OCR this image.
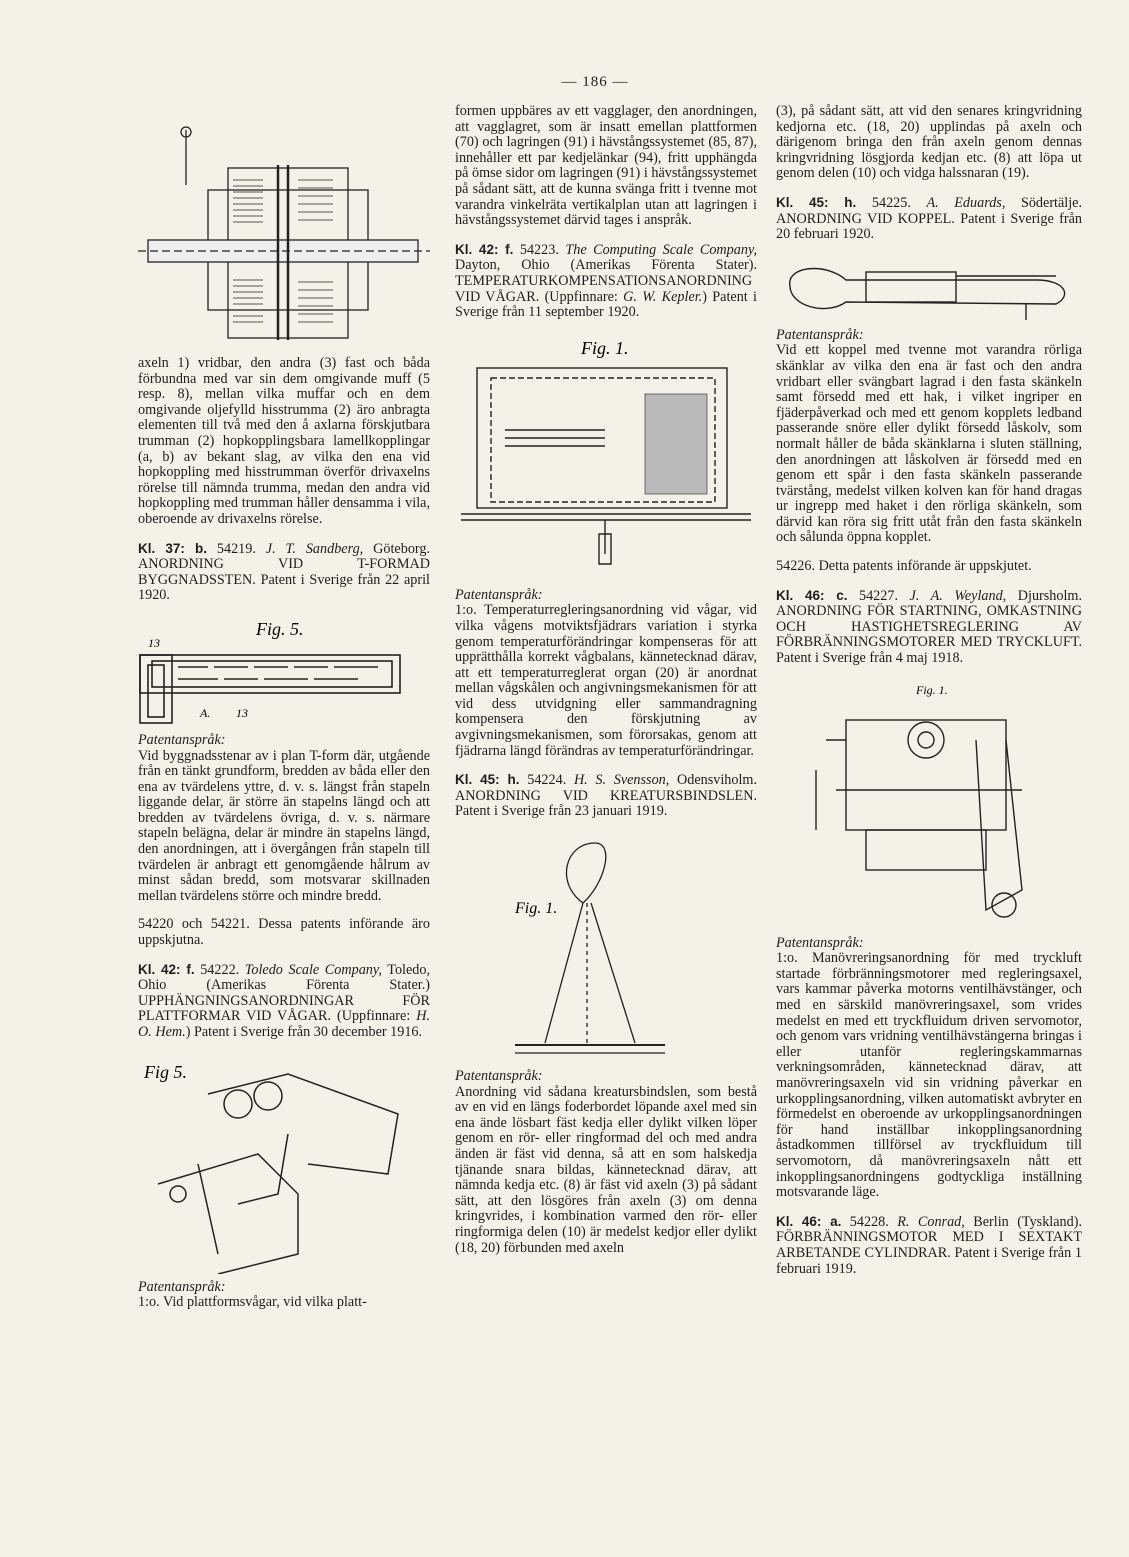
— 186 —

axeln 1) vridbar, den andra (3) fast och båda förbundna med var sin dem omgivande muff (5 resp. 8), mellan vilka muffar och en dem omgivande oljefylld hisstrumma (2) äro anbragta elementen till två med den å axlarna förskjutbara trumman (2) hopkopplingsbara lamellkopplingar (a, b) av bekant slag, av vilka den ena vid hopkoppling med hisstrumman överför drivaxelns rörelse till nämnda trumma, medan den andra vid hopkoppling med trumman håller densamma i vila, oberoende av drivaxelns rörelse.

Kl. 37: b. 54219. J. T. Sandberg, Göteborg. ANORDNING VID T-FORMAD BYGGNADSSTEN. Patent i Sverige från 22 april 1920.

Fig. 5.
13
A. 13
Patentanspråk:

Vid byggnadsstenar av i plan T-form där, utgående från en tänkt grundform, bredden av båda eller den ena av tvärdelens yttre, d. v. s. längst från stapeln liggande delar, är större än stapelns längd och att bredden av tvärdelens övriga, d. v. s. närmare stapeln belägna, delar är mindre än stapelns längd, den anordningen, att i övergången från stapeln till tvärdelen är anbragt ett genomgående hålrum av minst sådan bredd, som motsvarar skillnaden mellan tvärdelens större och mindre bredd.

54220 och 54221. Dessa patents införande äro uppskjutna.

Kl. 42: f. 54222. Toledo Scale Company, Toledo, Ohio (Amerikas Förenta Stater.) UPPHÄNGNINGSANORDNINGAR FÖR PLATTFORMAR VID VÅGAR. (Uppfinnare: H. O. Hem.) Patent i Sverige från 30 december 1916.

Fig 5.
Patentanspråk:

1:o. Vid plattformsvågar, vid vilka platt-

formen uppbäres av ett vagglager, den anordningen, att vagglagret, som är insatt emellan plattformen (70) och lagringen (91) i hävstångssystemet (85, 87), innehåller ett par kedjelänkar (94), fritt upphängda på ömse sidor om lagringen (91) i hävstångssystemet på sådant sätt, att de kunna svänga fritt i tvenne mot varandra vinkelräta vertikalplan utan att lagringen i hävstångssystemet därvid tages i anspråk.

Kl. 42: f. 54223. The Computing Scale Company, Dayton, Ohio (Amerikas Förenta Stater). TEMPERATURKOMPENSATIONSANORDNING VID VÅGAR. (Uppfinnare: G. W. Kepler.) Patent i Sverige från 11 september 1920.

Fig. 1.
Patentanspråk:

1:o. Temperaturregleringsanordning vid vågar, vid vilka vågens motviktsfjädrars variation i styrka genom temperaturförändringar kompenseras för att upprätthålla korrekt vågbalans, kännetecknad därav, att ett temperaturreglerat organ (20) är anordnat mellan vågskålen och angivningsmekanismen för att vid dess utvidgning eller sammandragning kompensera den förskjutning av avgivningsmekanismen, som förorsakas, genom att fjädrarna längd förändras av temperaturförändringar.

Kl. 45: h. 54224. H. S. Svensson, Odensviholm. ANORDNING VID KREATURSBINDSLEN. Patent i Sverige från 23 januari 1919.

Fig. 1.
Patentanspråk:

Anordning vid sådana kreatursbindslen, som bestå av en vid en längs foderbordet löpande axel med sin ena ände lösbart fäst kedja eller dylikt vilken löper genom en rör- eller ringformad del och med andra änden är fäst vid denna, så att en som halskedja tjänande snara bildas, kännetecknad därav, att nämnda kedja etc. (8) är fäst vid axeln (3) på sådant sätt, att den lösgöres från axeln (3) om denna kringvrides, i kombination varmed den rör- eller ringformiga delen (10) är medelst kedjor eller dylikt (18, 20) förbunden med axeln

(3), på sådant sätt, att vid den senares kringvridning kedjorna etc. (18, 20) upplindas på axeln och därigenom bringa den från axeln genom dennas kringvridning lösgjorda kedjan etc. (8) att löpa ut genom delen (10) och vidga halssnaran (19).

Kl. 45: h. 54225. A. Eduards, Södertälje. ANORDNING VID KOPPEL. Patent i Sverige från 20 februari 1920.

Patentanspråk:

Vid ett koppel med tvenne mot varandra rörliga skänklar av vilka den ena är fast och den andra vridbart eller svängbart lagrad i den fasta skänkeln samt försedd med ett hak, i vilket ingriper en fjäderpåverkad och med ett genom kopplets ledband passerande snöre eller dylikt försedd låskolv, som normalt håller de båda skänklarna i sluten ställning, den anordningen att låskolven är försedd med en genom ett spår i den fasta skänkeln passerande tvärstång, medelst vilken kolven kan för hand dragas ur ingrepp med haket i den rörliga skänkeln, som därvid kan röra sig fritt utåt från den fasta skänkeln och sålunda öppna kopplet.

54226. Detta patents införande är uppskjutet.

Kl. 46: c. 54227. J. A. Weyland, Djursholm. ANORDNING FÖR STARTNING, OMKASTNING OCH HASTIGHETSREGLERING AV FÖRBRÄNNINGSMOTORER MED TRYCKLUFT. Patent i Sverige från 4 maj 1918.

Fig. 1.
Patentanspråk:

1:o. Manövreringsanordning för med tryckluft startade förbränningsmotorer med regleringsaxel, vars kammar påverka motorns ventilhävstänger, och med en särskild manövreringsaxel, som vrides medelst en med ett tryckfluidum driven servomotor, och genom vars vridning ventilhävstängerna bringas i eller utanför regleringskammarnas verkningsområden, kännetecknad därav, att manövreringsaxeln vid sin vridning påverkar en urkopplingsanordning, vilken automatiskt avbryter en förmedelst en oberoende av urkopplingsanordningen för hand inställbar inkopplingsanordning åstadkommen tillförsel av tryckfluidum till servomotorn, då manövreringsaxeln nått ett inkopplingsanordningens godtyckliga inställning motsvarande läge.

Kl. 46: a. 54228. R. Conrad, Berlin (Tyskland). FÖRBRÄNNINGSMOTOR MED I SEXTAKT ARBETANDE CYLINDRAR. Patent i Sverige från 1 februari 1919.
